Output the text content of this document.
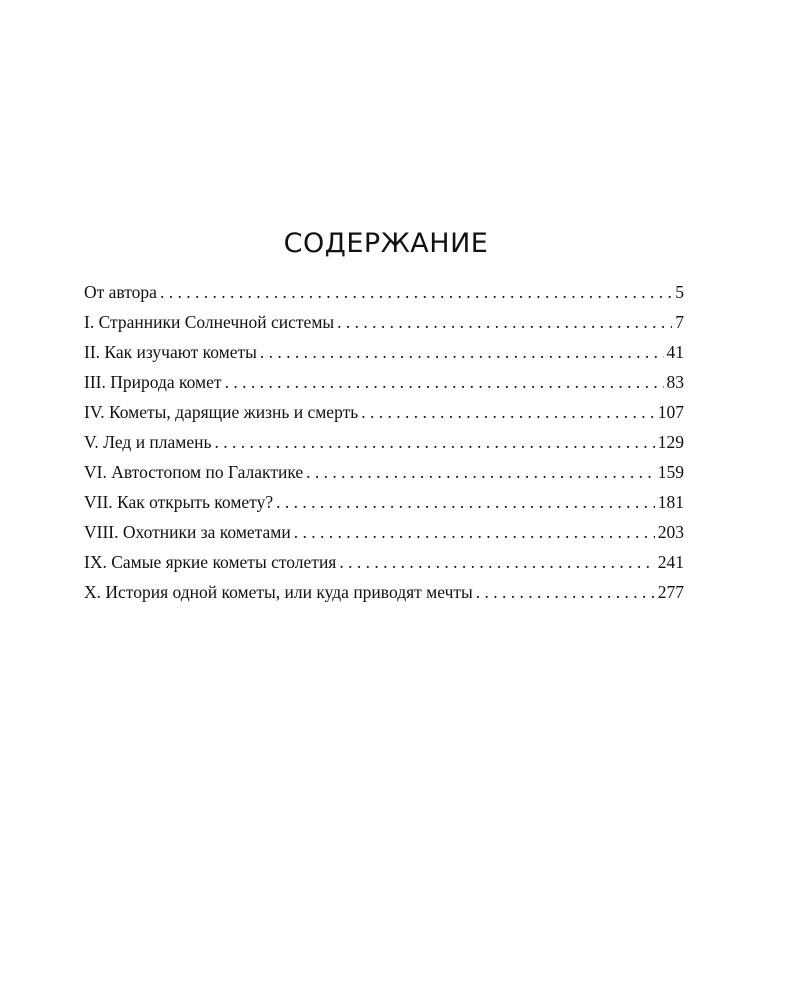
СОДЕРЖАНИЕ
От автора . . .	5
I. Странники Солнечной системы . . .	7
II. Как изучают кометы . . .	41
III. Природа комет . . .	83
IV. Кометы, дарящие жизнь и смерть . . .	107
V. Лед и пламень . . .	129
VI. Автостопом по Галактике . . .	159
VII. Как открыть комету? . . .	181
VIII. Охотники за кометами . . .	203
IX. Самые яркие кометы столетия . . .	241
X. История одной кометы, или куда приводят мечты . . .	277
